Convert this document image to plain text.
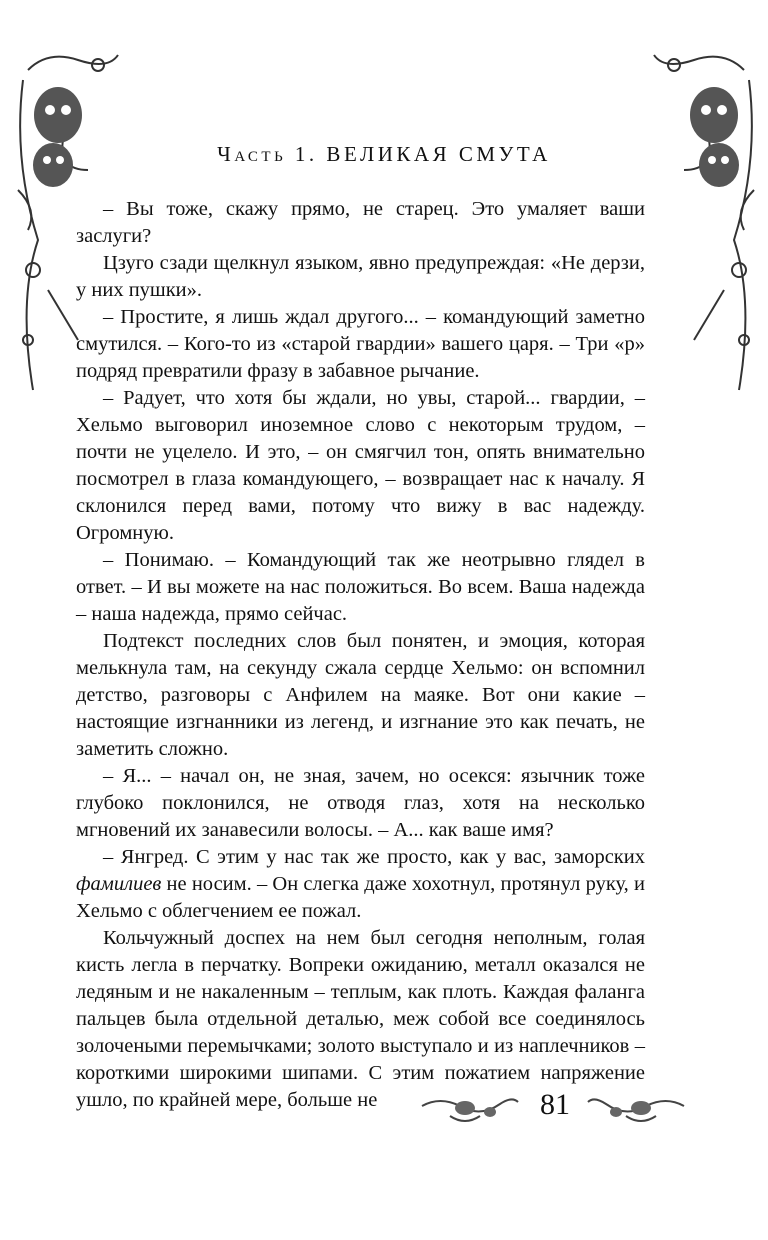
Часть 1. ВЕЛИКАЯ СМУТА

– Вы тоже, скажу прямо, не старец. Это умаляет ваши заслуги?

Цзуго сзади щелкнул языком, явно предупреждая: «Не дерзи, у них пушки».

– Простите, я лишь ждал другого... – командующий заметно смутился. – Кого-то из «старой гвардии» вашего царя. – Три «р» подряд превратили фразу в забавное рычание.

– Радует, что хотя бы ждали, но увы, старой... гвардии, – Хельмо выговорил иноземное слово с некоторым трудом, – почти не уцелело. И это, – он смягчил тон, опять внимательно посмотрел в глаза командующего, – возвращает нас к началу. Я склонился перед вами, потому что вижу в вас надежду. Огромную.

– Понимаю. – Командующий так же неотрывно глядел в ответ. – И вы можете на нас положиться. Во всем. Ваша надежда – наша надежда, прямо сейчас.

Подтекст последних слов был понятен, и эмоция, которая мелькнула там, на секунду сжала сердце Хельмо: он вспомнил детство, разговоры с Анфилем на маяке. Вот они какие – настоящие изгнанники из легенд, и изгнание это как печать, не заметить сложно.

– Я... – начал он, не зная, зачем, но осекся: язычник тоже глубоко поклонился, не отводя глаз, хотя на несколько мгновений их занавесили волосы. – А... как ваше имя?

– Янгред. С этим у нас так же просто, как у вас, заморских фамилиев не носим. – Он слегка даже хохотнул, протянул руку, и Хельмо с облегчением ее пожал.

Кольчужный доспех на нем был сегодня неполным, голая кисть легла в перчатку. Вопреки ожиданию, металл оказался не ледяным и не накаленным – теплым, как плоть. Каждая фаланга пальцев была отдельной деталью, меж собой все соединялось золочеными перемычками; золото выступало и из наплечников – короткими широкими шипами. С этим пожатием напряжение ушло, по крайней мере, больше не	81
